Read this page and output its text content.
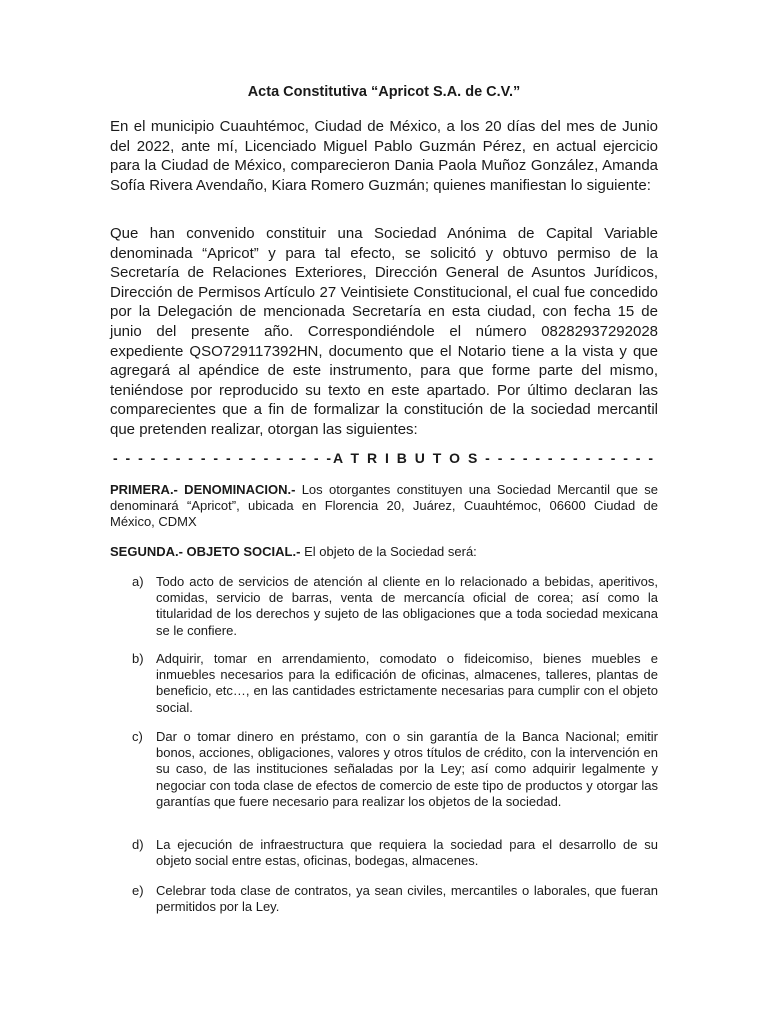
Acta Constitutiva “Apricot S.A. de C.V.”

En el municipio Cuauhtémoc, Ciudad de México, a los 20 días del mes de Junio del 2022, ante mí, Licenciado Miguel Pablo Guzmán Pérez, en actual ejercicio para la Ciudad de México, comparecieron Dania Paola Muñoz González, Amanda Sofía Rivera Avendaño, Kiara Romero Guzmán; quienes manifiestan lo siguiente:

Que han convenido constituir una Sociedad Anónima de Capital Variable denominada “Apricot” y para tal efecto, se solicitó y obtuvo permiso de la Secretaría de Relaciones Exteriores, Dirección General de Asuntos Jurídicos, Dirección de Permisos Artículo 27 Veintisiete Constitucional, el cual fue concedido por la Delegación de mencionada Secretaría en esta ciudad, con fecha 15 de junio del presente año. Correspondiéndole el número 08282937292028 expediente QSO729117392HN, documento que el Notario tiene a la vista y que agregará al apéndice de este instrumento, para que forme parte del mismo, teniéndose por reproducido su texto en este apartado. Por último declaran las comparecientes que a fin de formalizar la constitución de la sociedad mercantil que pretenden realizar, otorgan las siguientes:

- - - - - - - - - - - - - - - - - -A T R I B U T O S - - - - - - - - - - - - - -

PRIMERA.- DENOMINACION.- Los otorgantes constituyen una Sociedad Mercantil que se denominará “Apricot”, ubicada en Florencia 20, Juárez, Cuauhtémoc, 06600 Ciudad de México, CDMX

SEGUNDA.- OBJETO SOCIAL.- El objeto de la Sociedad será:

a) Todo acto de servicios de atención al cliente en lo relacionado a bebidas, aperitivos, comidas, servicio de barras, venta de mercancía oficial de corea; así como la titularidad de los derechos y sujeto de las obligaciones que a toda sociedad mexicana se le confiere.
b) Adquirir, tomar en arrendamiento, comodato o fideicomiso, bienes muebles e inmuebles necesarios para la edificación de oficinas, almacenes, talleres, plantas de beneficio, etc…, en las cantidades estrictamente necesarias para cumplir con el objeto social.
c) Dar o tomar dinero en préstamo, con o sin garantía de la Banca Nacional; emitir bonos, acciones, obligaciones, valores y otros títulos de crédito, con la intervención en su caso, de las instituciones señaladas por la Ley; así como adquirir legalmente y negociar con toda clase de efectos de comercio de este tipo de productos y otorgar las garantías que fuere necesario para realizar los objetos de la sociedad.
d) La ejecución de infraestructura que requiera la sociedad para el desarrollo de su objeto social entre estas, oficinas, bodegas, almacenes.
e) Celebrar toda clase de contratos, ya sean civiles, mercantiles o laborales, que fueran permitidos por la Ley.
